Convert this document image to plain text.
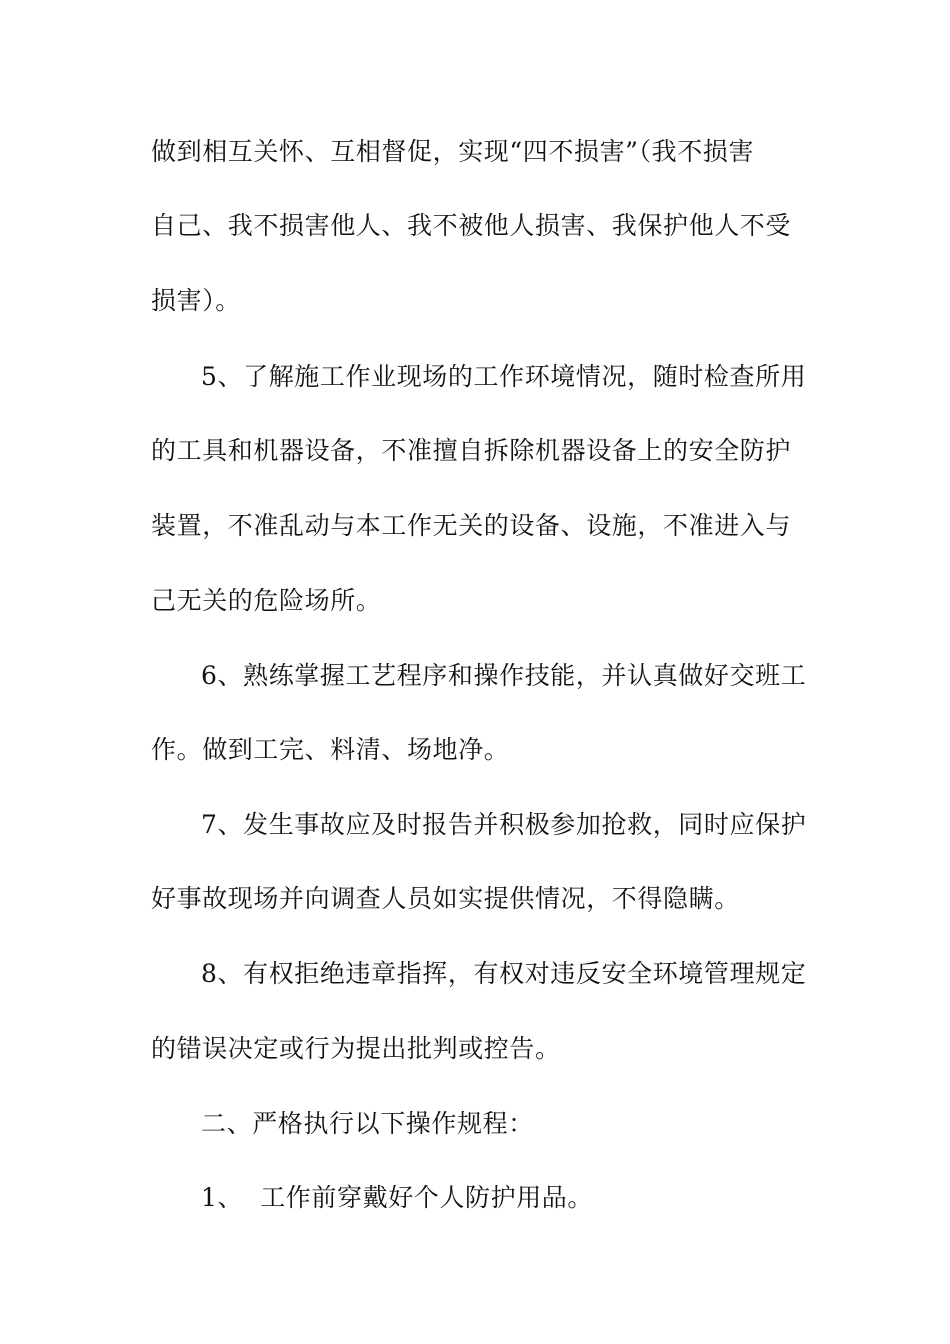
做到相互关怀、互相督促，实现“四不损害”（我不损害
自己、我不损害他人、我不被他人损害、我保护他人不受
损害）。
5、了解施工作业现场的工作环境情况，随时检查所用
的工具和机器设备，不准擅自拆除机器设备上的安全防护
装置，不准乱动与本工作无关的设备、设施，不准进入与
己无关的危险场所。
6、熟练掌握工艺程序和操作技能，并认真做好交班工
作。做到工完、料清、场地净。
7、发生事故应及时报告并积极参加抢救，同时应保护
好事故现场并向调查人员如实提供情况，不得隐瞒。
8、有权拒绝违章指挥，有权对违反安全环境管理规定
的错误决定或行为提出批判或控告。
二、严格执行以下操作规程：
1、  工作前穿戴好个人防护用品。
